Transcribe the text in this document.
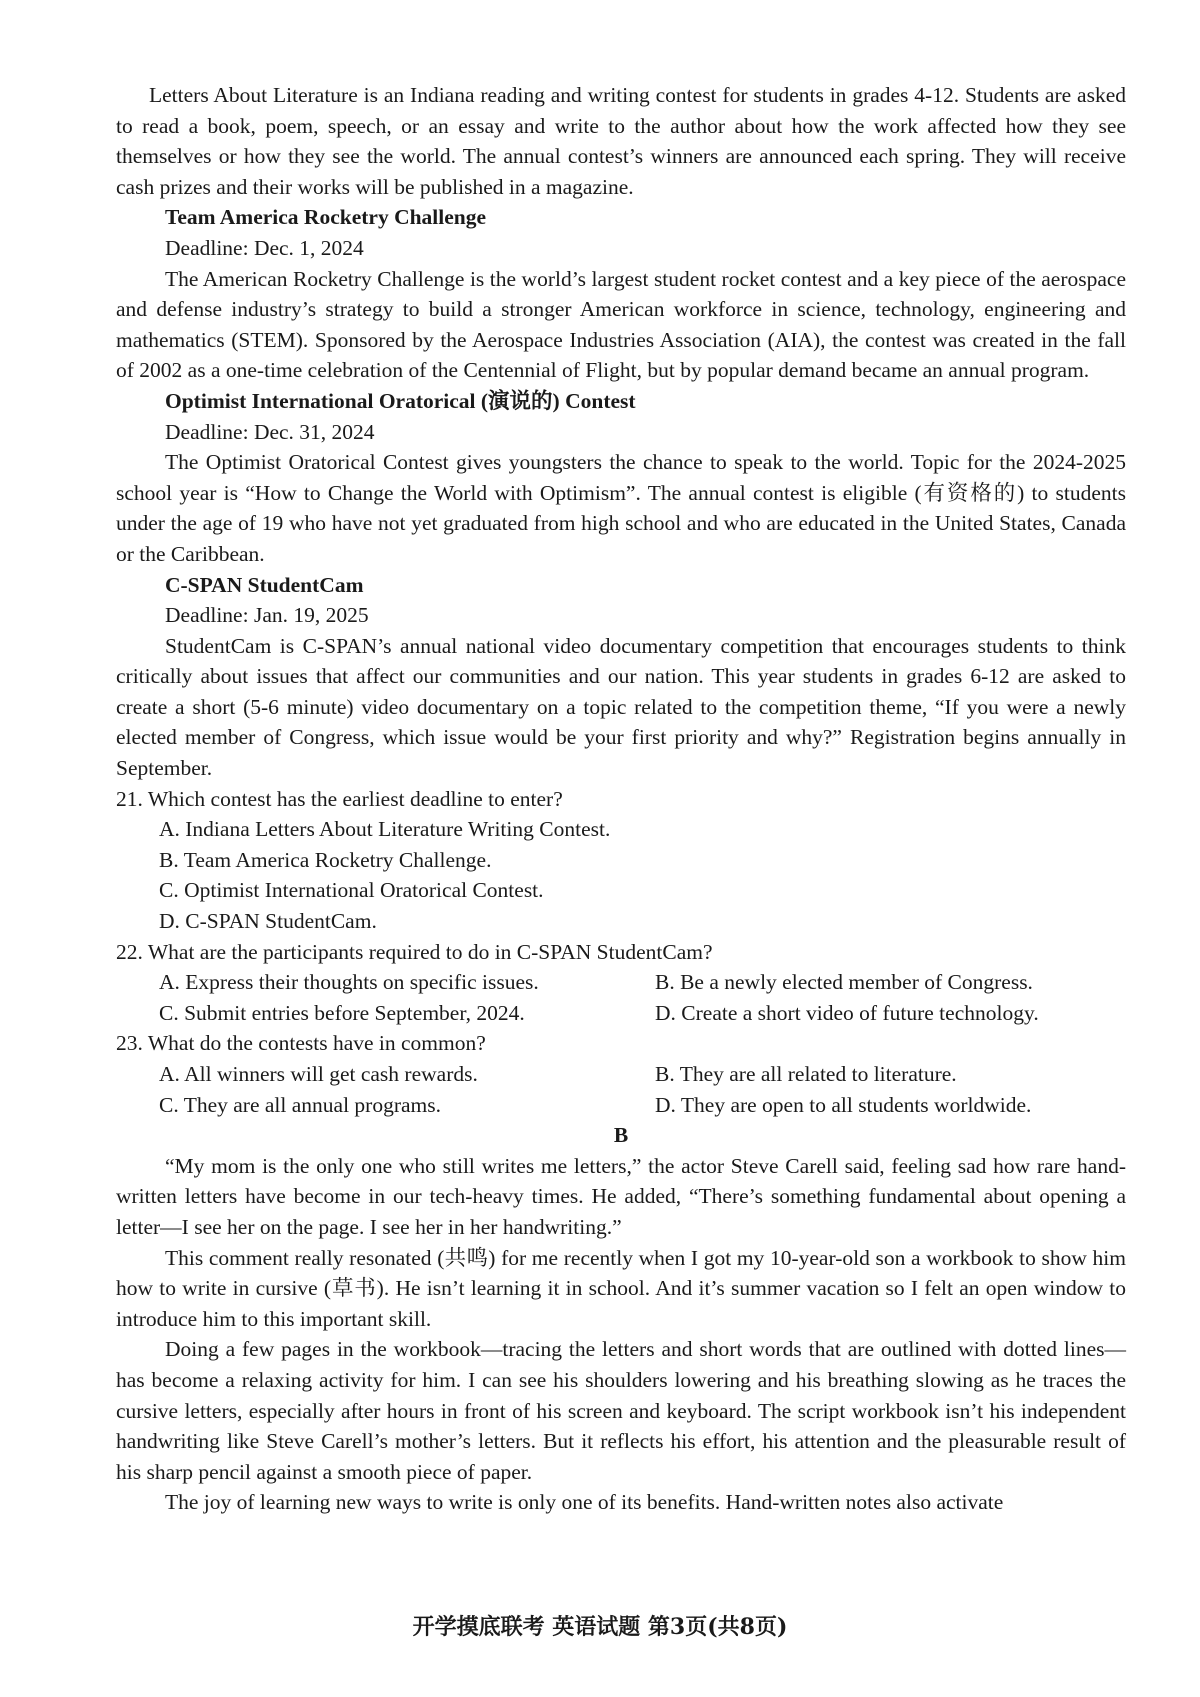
Letters About Literature is an Indiana reading and writing contest for students in grades 4-12. Students are asked to read a book, poem, speech, or an essay and write to the author about how the work affected how they see themselves or how they see the world. The annual contest’s winners are announced each spring. They will receive cash prizes and their works will be published in a magazine.

Team America Rocketry Challenge
Deadline: Dec. 1, 2024

The American Rocketry Challenge is the world’s largest student rocket contest and a key piece of the aerospace and defense industry’s strategy to build a stronger American workforce in science, technology, engineering and mathematics (STEM). Sponsored by the Aerospace Industries Association (AIA), the contest was created in the fall of 2002 as a one-time celebration of the Centennial of Flight, but by popular demand became an annual program.

Optimist International Oratorical (演说的) Contest
Deadline: Dec. 31, 2024

The Optimist Oratorical Contest gives youngsters the chance to speak to the world. Topic for the 2024-2025 school year is “How to Change the World with Optimism”. The annual contest is eligible (有资格的) to students under the age of 19 who have not yet graduated from high school and who are educated in the United States, Canada or the Caribbean.

C-SPAN StudentCam
Deadline: Jan. 19, 2025

StudentCam is C-SPAN’s annual national video documentary competition that encourages students to think critically about issues that affect our communities and our nation. This year students in grades 6-12 are asked to create a short (5-6 minute) video documentary on a topic related to the competition theme, “If you were a newly elected member of Congress, which issue would be your first priority and why?” Registration begins annually in September.

21. Which contest has the earliest deadline to enter?
A. Indiana Letters About Literature Writing Contest.
B. Team America Rocketry Challenge.
C. Optimist International Oratorical Contest.
D. C-SPAN StudentCam.
22. What are the participants required to do in C-SPAN StudentCam?
A. Express their thoughts on specific issues.	B. Be a newly elected member of Congress.
C. Submit entries before September, 2024.	D. Create a short video of future technology.
23. What do the contests have in common?
A. All winners will get cash rewards.	B. They are all related to literature.
C. They are all annual programs.	D. They are open to all students worldwide.
B

“My mom is the only one who still writes me letters,” the actor Steve Carell said, feeling sad how rare hand-written letters have become in our tech-heavy times. He added, “There’s something fundamental about opening a letter—I see her on the page. I see her in her handwriting.”

This comment really resonated (共鸣) for me recently when I got my 10-year-old son a workbook to show him how to write in cursive (草书). He isn’t learning it in school. And it’s summer vacation so I felt an open window to introduce him to this important skill.

Doing a few pages in the workbook—tracing the letters and short words that are outlined with dotted lines—has become a relaxing activity for him. I can see his shoulders lowering and his breathing slowing as he traces the cursive letters, especially after hours in front of his screen and keyboard. The script workbook isn’t his independent handwriting like Steve Carell’s mother’s letters. But it reflects his effort, his attention and the pleasurable result of his sharp pencil against a smooth piece of paper.

The joy of learning new ways to write is only one of its benefits. Hand-written notes also activate

开学摸底联考 英语试题 第3页(共8页)
